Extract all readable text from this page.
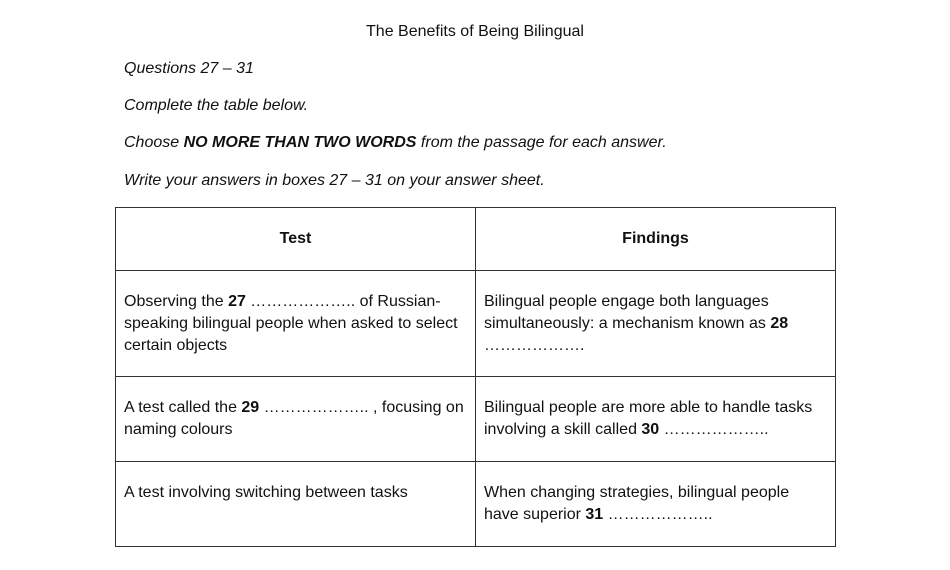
The Benefits of Being Bilingual
Questions 27 – 31
Complete the table below.
Choose NO MORE THAN TWO WORDS from the passage for each answer.
Write your answers in boxes 27 – 31 on your answer sheet.
Test	Findings
Observing the 27 ……………….. of Russian-speaking bilingual people when asked to select certain objects	Bilingual people engage both languages simultaneously: a mechanism known as 28 ……………….
A test called the 29 ……………….. , focusing on naming colours	Bilingual people are more able to handle tasks involving a skill called 30 ………………..
A test involving switching between tasks	When changing strategies, bilingual people have superior 31 ………………..
